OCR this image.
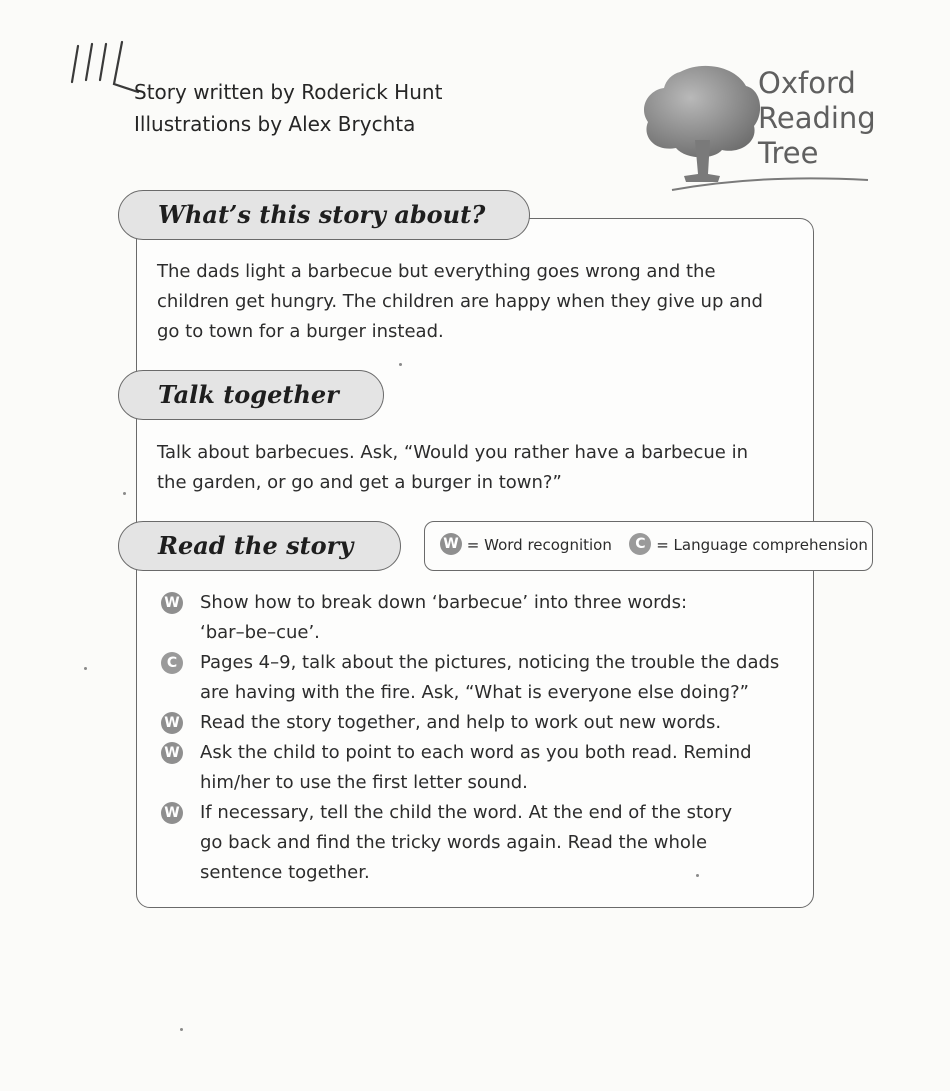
Story written by Roderick Hunt
Illustrations by Alex Brychta
Oxford
Reading
Tree
What’s this story about?
The dads light a barbecue but everything goes wrong and the
children get hungry. The children are happy when they give up and
go to town for a burger instead.
Talk together
Talk about barbecues. Ask, “Would you rather have a barbecue in
the garden, or go and get a burger in town?”
Read the story	W = Word recognition C = Language comprehension
W Show how to break down ‘barbecue’ into three words:
‘bar–be–cue’.
C	Pages 4–9, talk about the pictures, noticing the trouble the dads
are having with the fire. Ask, “What is everyone else doing?”
W Read the story together, and help to work out new words.
W Ask the child to point to each word as you both read. Remind
him/her to use the first letter sound.
W If necessary, tell the child the word. At the end of the story
go back and find the tricky words again. Read the whole
sentence together.
